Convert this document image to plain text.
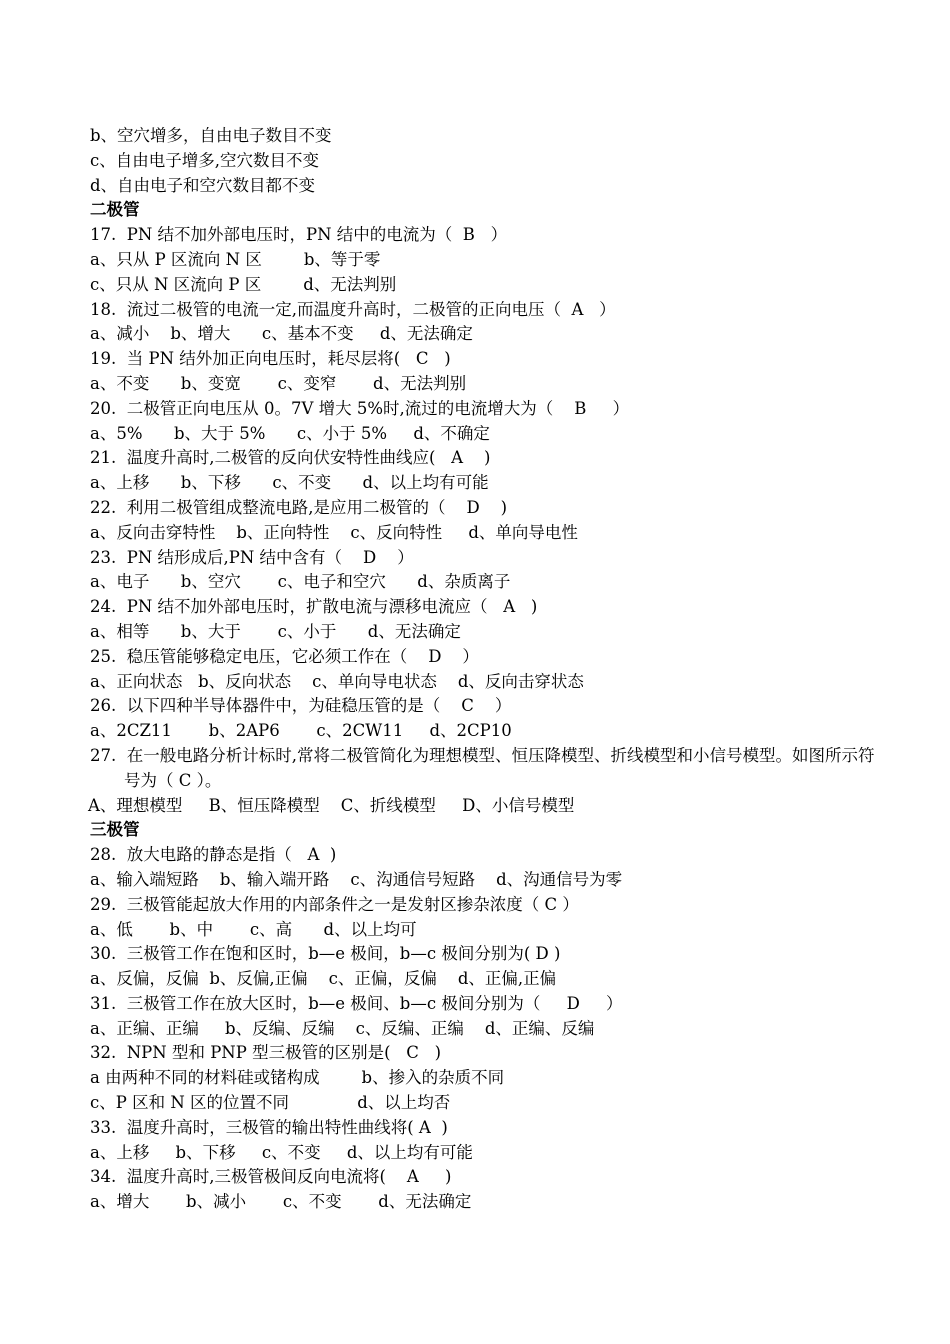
b、空穴增多，自由电子数目不变
c、自由电子增多,空穴数目不变
d、自由电子和空穴数目都不变
二极管
17.  PN 结不加外部电压时，PN 结中的电流为（  B   ）
a、只从 P 区流向 N 区        b、等于零
c、只从 N 区流向 P 区        d、无法判别
18.  流过二极管的电流一定,而温度升高时，二极管的正向电压（  A   ）
a、减小    b、增大      c、基本不变     d、无法确定
19.  当 PN 结外加正向电压时，耗尽层将(   C   )
a、不变      b、变宽       c、变窄       d、无法判别
20.  二极管正向电压从 0。7V 增大 5%时,流过的电流增大为（    B     ）
a、5%      b、大于 5%      c、小于 5%     d、不确定
21.  温度升高时,二极管的反向伏安特性曲线应(   A    )
a、上移      b、下移      c、不变      d、以上均有可能
22.  利用二极管组成整流电路,是应用二极管的（    D    )
a、反向击穿特性    b、正向特性    c、反向特性     d、单向导电性
23.  PN 结形成后,PN 结中含有（    D    ）
a、电子      b、空穴       c、电子和空穴      d、杂质离子
24.  PN 结不加外部电压时，扩散电流与漂移电流应（   A   )
a、相等      b、大于       c、小于      d、无法确定
25.  稳压管能够稳定电压，它必须工作在（    D    ）
a、正向状态   b、反向状态    c、单向导电状态    d、反向击穿状态
26.  以下四种半导体器件中，为硅稳压管的是（    C    ）
a、2CZ11       b、2AP6       c、2CW11     d、2CP10
27.  在一般电路分析计标时,常将二极管简化为理想模型、恒压降模型、折线模型和小信号模型。如图所示符号为（ C ）。
A、理想模型     B、恒压降模型    C、折线模型     D、小信号模型
三极管
28.  放大电路的静态是指（   A  )
a、输入端短路    b、输入端开路    c、沟通信号短路    d、沟通信号为零
29.  三极管能起放大作用的内部条件之一是发射区掺杂浓度（ C ）
a、低       b、中       c、高      d、以上均可
30.  三极管工作在饱和区时，b—e 极间，b—c 极间分别为( D )
a、反偏，反偏  b、反偏,正偏    c、正偏，反偏    d、正偏,正偏
31.  三极管工作在放大区时，b—e 极间、b—c 极间分别为（     D     ）
a、正编、正编     b、反编、反编    c、反编、正编    d、正编、反编
32.  NPN 型和 PNP 型三极管的区别是(   C   )
a 由两种不同的材料硅或锗构成        b、掺入的杂质不同
c、P 区和 N 区的位置不同             d、以上均否
33.  温度升高时，三极管的输出特性曲线将( A  )
a、上移     b、下移     c、不变     d、以上均有可能
34.  温度升高时,三极管极间反向电流将(    A     )
a、增大       b、减小       c、不变       d、无法确定
